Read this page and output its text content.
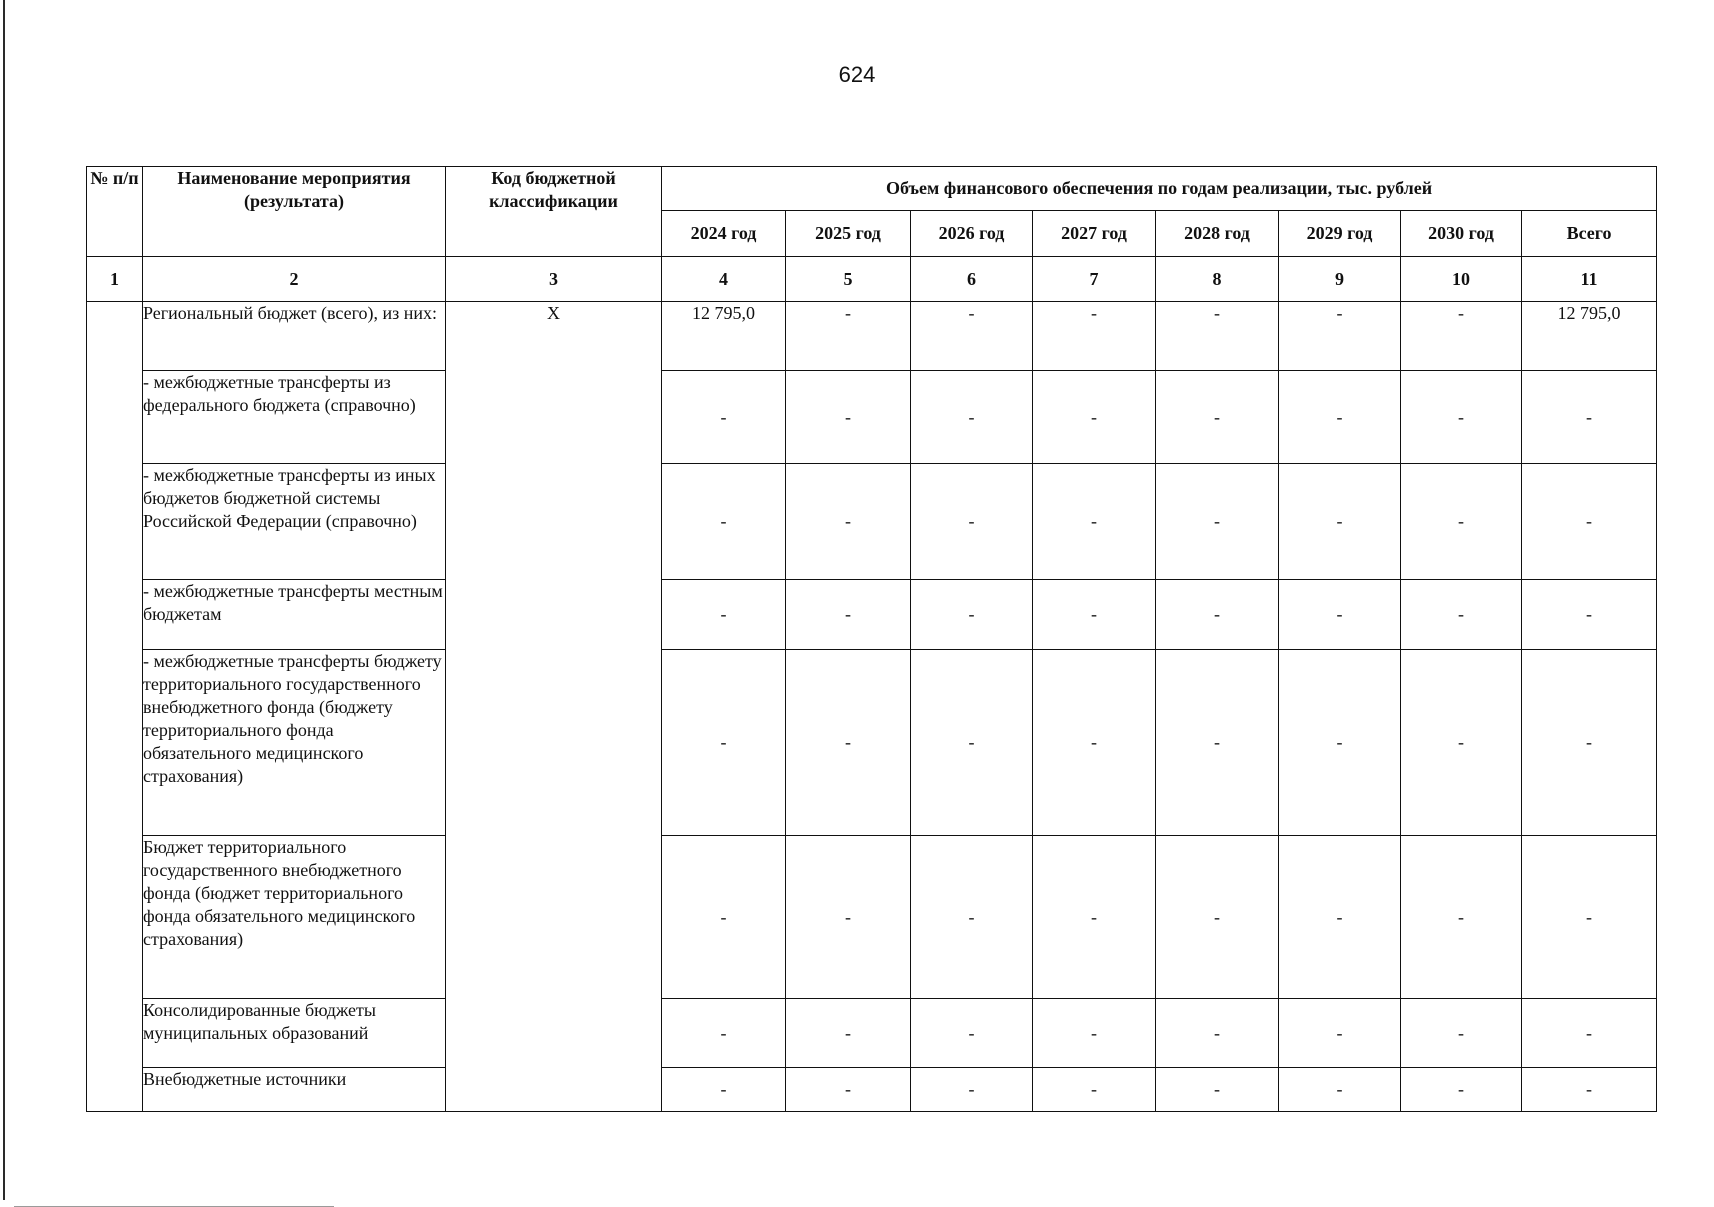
624
№ п/п	Наименование мероприятия (результата)	Код бюджетной классификации	Объем финансового обеспечения по годам реализации, тыс. рублей							
			2024 год	2025 год	2026 год	2027 год	2028 год	2029 год	2030 год	Всего
1	2	3	4	5	6	7	8	9	10	11
	Региональный бюджет (всего), из них:	X	12 795,0	-	-	-	-	-	-	12 795,0
	- межбюджетные трансферты из федерального бюджета (справочно)		-	-	-	-	-	-	-	-
	- межбюджетные трансферты из иных бюджетов бюджетной системы Российской Федерации (справочно)		-	-	-	-	-	-	-	-
	- межбюджетные трансферты местным бюджетам		-	-	-	-	-	-	-	-
	- межбюджетные трансферты бюджету территориального государственного внебюджетного фонда (бюджету территориального фонда обязательного медицинского страхования)		-	-	-	-	-	-	-	-
	Бюджет территориального государственного внебюджетного фонда (бюджет территориального фонда обязательного медицинского страхования)		-	-	-	-	-	-	-	-
	Консолидированные бюджеты муниципальных образований		-	-	-	-	-	-	-	-
	Внебюджетные источники		-	-	-	-	-	-	-	-
